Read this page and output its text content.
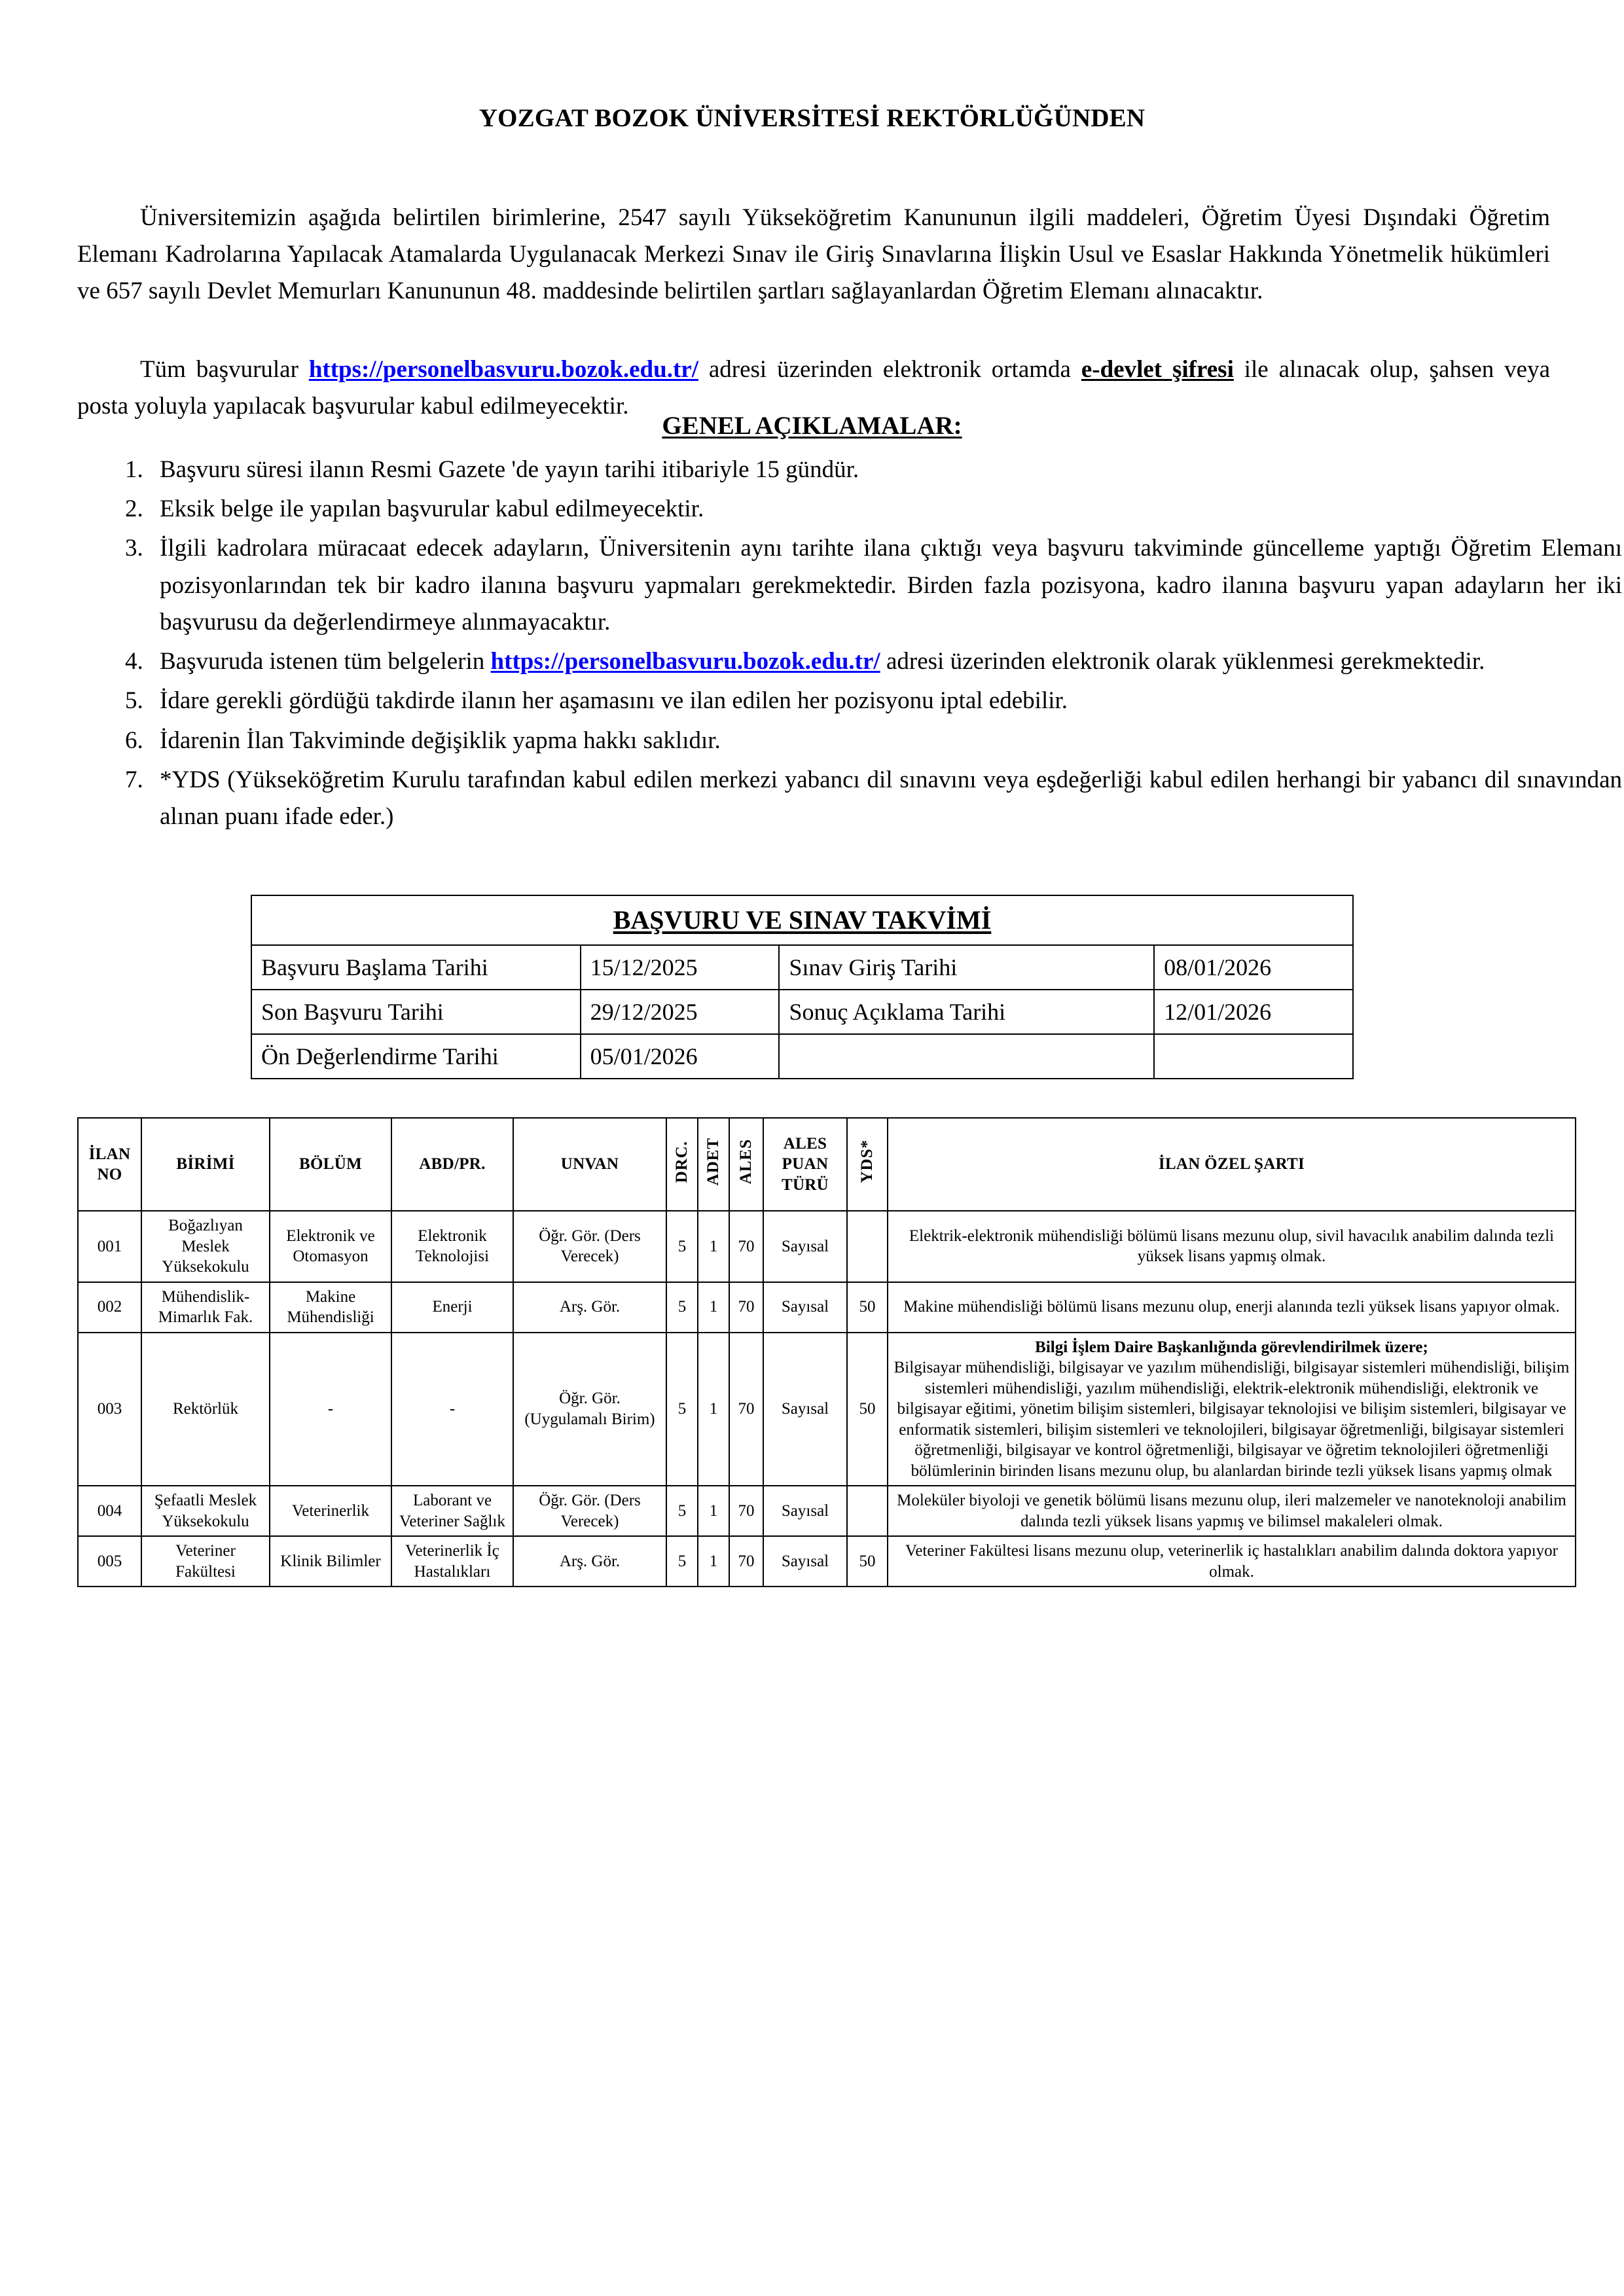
YOZGAT BOZOK ÜNİVERSİTESİ REKTÖRLÜĞÜNDEN

Üniversitemizin aşağıda belirtilen birimlerine, 2547 sayılı Yükseköğretim Kanununun ilgili maddeleri, Öğretim Üyesi Dışındaki Öğretim Elemanı Kadrolarına Yapılacak Atamalarda Uygulanacak Merkezi Sınav ile Giriş Sınavlarına İlişkin Usul ve Esaslar Hakkında Yönetmelik hükümleri ve 657 sayılı Devlet Memurları Kanununun 48. maddesinde belirtilen şartları sağlayanlardan Öğretim Elemanı alınacaktır.

Tüm başvurular https://personelbasvuru.bozok.edu.tr/ adresi üzerinden elektronik ortamda e-devlet şifresi ile alınacak olup, şahsen veya posta yoluyla yapılacak başvurular kabul edilmeyecektir.

GENEL AÇIKLAMALAR:
1. Başvuru süresi ilanın Resmi Gazete 'de yayın tarihi itibariyle 15 gündür.
2. Eksik belge ile yapılan başvurular kabul edilmeyecektir.
3. İlgili kadrolara müracaat edecek adayların, Üniversitenin aynı tarihte ilana çıktığı veya başvuru takviminde güncelleme yaptığı Öğretim Elemanı pozisyonlarından tek bir kadro ilanına başvuru yapmaları gerekmektedir. Birden fazla pozisyona, kadro ilanına başvuru yapan adayların her iki başvurusu da değerlendirmeye alınmayacaktır.
4. Başvuruda istenen tüm belgelerin https://personelbasvuru.bozok.edu.tr/ adresi üzerinden elektronik olarak yüklenmesi gerekmektedir.
5. İdare gerekli gördüğü takdirde ilanın her aşamasını ve ilan edilen her pozisyonu iptal edebilir.
6. İdarenin İlan Takviminde değişiklik yapma hakkı saklıdır.
7. *YDS (Yükseköğretim Kurulu tarafından kabul edilen merkezi yabancı dil sınavını veya eşdeğerliği kabul edilen herhangi bir yabancı dil sınavından alınan puanı ifade eder.)
BAŞVURU VE SINAV TAKVİMİ			
Başvuru Başlama Tarihi	15/12/2025	Sınav Giriş Tarihi	08/01/2026
Son Başvuru Tarihi	29/12/2025	Sonuç Açıklama Tarihi	12/01/2026
Ön Değerlendirme Tarihi	05/01/2026		
İLAN NO	BİRİMİ	BÖLÜM	ABD/PR.	UNVAN	DRC.	ADET	ALES	ALES PUAN TÜRÜ	YDS*	İLAN ÖZEL ŞARTI
001	Boğazlıyan Meslek Yüksekokulu	Elektronik ve Otomasyon	Elektronik Teknolojisi	Öğr. Gör. (Ders Verecek)	5	1	70	Sayısal		Elektrik-elektronik mühendisliği bölümü lisans mezunu olup, sivil havacılık anabilim dalında tezli yüksek lisans yapmış olmak.
002	Mühendislik-Mimarlık Fak.	Makine Mühendisliği	Enerji	Arş. Gör.	5	1	70	Sayısal	50	Makine mühendisliği bölümü lisans mezunu olup, enerji alanında tezli yüksek lisans yapıyor olmak.
003	Rektörlük	-	-	Öğr. Gör. (Uygulamalı Birim)	5	1	70	Sayısal	50	Bilgi İşlem Daire Başkanlığında görevlendirilmek üzere;
Bilgisayar mühendisliği, bilgisayar ve yazılım mühendisliği, bilgisayar sistemleri mühendisliği, bilişim sistemleri mühendisliği, yazılım mühendisliği, elektrik-elektronik mühendisliği, elektronik ve bilgisayar eğitimi, yönetim bilişim sistemleri, bilgisayar teknolojisi ve bilişim sistemleri, bilgisayar ve enformatik sistemleri, bilişim sistemleri ve teknolojileri, bilgisayar öğretmenliği, bilgisayar sistemleri öğretmenliği, bilgisayar ve kontrol öğretmenliği, bilgisayar ve öğretim teknolojileri öğretmenliği bölümlerinin birinden lisans mezunu olup, bu alanlardan birinde tezli yüksek lisans yapmış olmak
004	Şefaatli Meslek Yüksekokulu	Veterinerlik	Laborant ve Veteriner Sağlık	Öğr. Gör. (Ders Verecek)	5	1	70	Sayısal		Moleküler biyoloji ve genetik bölümü lisans mezunu olup, ileri malzemeler ve nanoteknoloji anabilim dalında tezli yüksek lisans yapmış ve bilimsel makaleleri olmak.
005	Veteriner Fakültesi	Klinik Bilimler	Veterinerlik İç Hastalıkları	Arş. Gör.	5	1	70	Sayısal	50	Veteriner Fakültesi lisans mezunu olup, veterinerlik iç hastalıkları anabilim dalında doktora yapıyor olmak.
